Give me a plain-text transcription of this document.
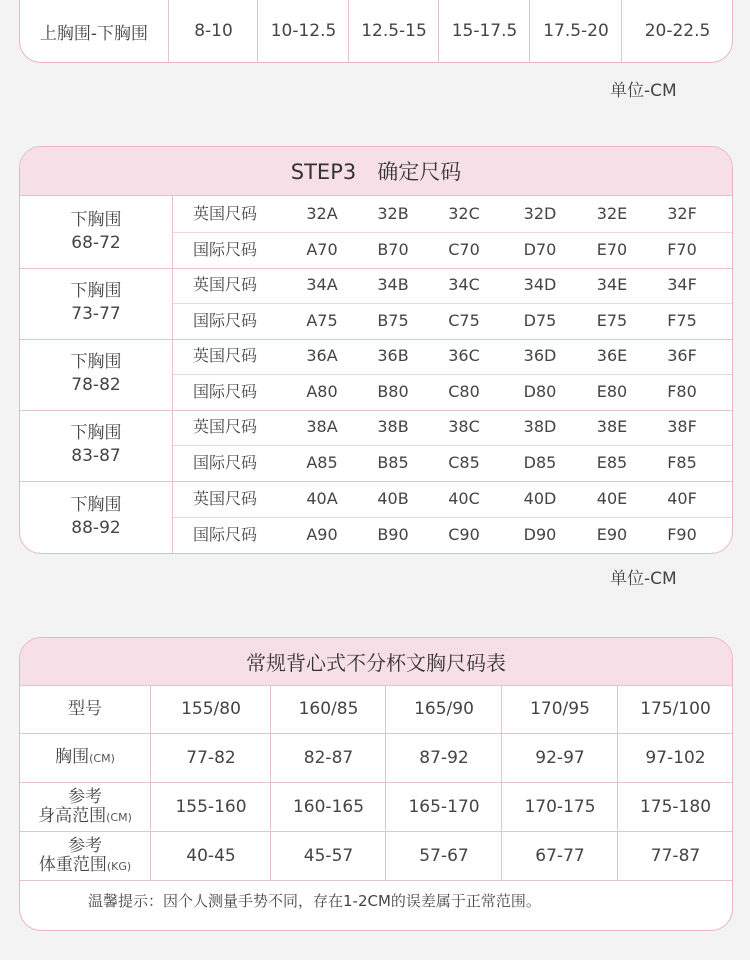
上胸围-下胸围	8-10	10-12.5	12.5-15	15-17.5	17.5-20	20-22.5
单位-CM
STEP3　确定尺码
下胸围
68-72
英国尺码	32A	32B	32C	32D	32E	32F
国际尺码	A70	B70	C70	D70	E70	F70
下胸围
73-77
英国尺码	34A	34B	34C	34D	34E	34F
国际尺码	A75	B75	C75	D75	E75	F75
下胸围
78-82
英国尺码	36A	36B	36C	36D	36E	36F
国际尺码	A80	B80	C80	D80	E80	F80
下胸围
83-87
英国尺码	38A	38B	38C	38D	38E	38F
国际尺码	A85	B85	C85	D85	E85	F85
下胸围
88-92
英国尺码	40A	40B	40C	40D	40E	40F
国际尺码	A90	B90	C90	D90	E90	F90
单位-CM
常规背心式不分杯文胸尺码表
型号	155/80	160/85	165/90	170/95	175/100
胸围(CM)	77-82	82-87	87-92	92-97	97-102
参考
身高范围(CM)
155-160	160-165	165-170	170-175	175-180
参考
体重范围(KG)
40-45	45-57	57-67	67-77	77-87
温馨提示：因个人测量手势不同，存在1-2CM的误差属于正常范围。
